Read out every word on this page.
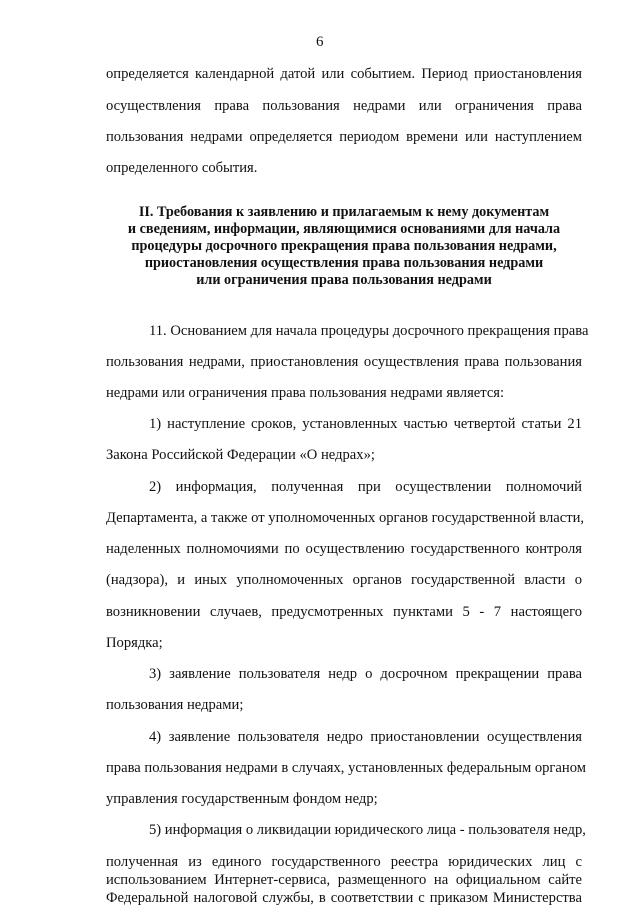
6
определяется календарной датой или событием. Период приостановления
осуществления права пользования недрами или ограничения права
пользования недрами определяется периодом времени или наступлением
определенного события.
II. Требования к заявлению и прилагаемым к нему документам
и сведениям, информации, являющимися основаниями для начала
процедуры досрочного прекращения права пользования недрами,
приостановления осуществления права пользования недрами
или ограничения права пользования недрами
11. Основанием для начала процедуры досрочного прекращения права
пользования недрами, приостановления осуществления права пользования
недрами или ограничения права пользования недрами является:
1) наступление сроков, установленных частью четвертой статьи 21
Закона Российской Федерации «О недрах»;
2) информация, полученная при осуществлении полномочий
Департамента, а также от уполномоченных органов государственной власти,
наделенных полномочиями по осуществлению государственного контроля
(надзора), и иных уполномоченных органов государственной власти о
возникновении случаев, предусмотренных пунктами 5 - 7 настоящего
Порядка;
3) заявление пользователя недр о досрочном прекращении права
пользования недрами;
4) заявление пользователя недро приостановлении осуществления
права пользования недрами в случаях, установленных федеральным органом
управления государственным фондом недр;
5) информация о ликвидации юридического лица - пользователя недр,
полученная из единого государственного реестра юридических лиц с
использованием Интернет-сервиса, размещенного на официальном сайте
Федеральной налоговой службы, в соответствии с приказом Министерства
